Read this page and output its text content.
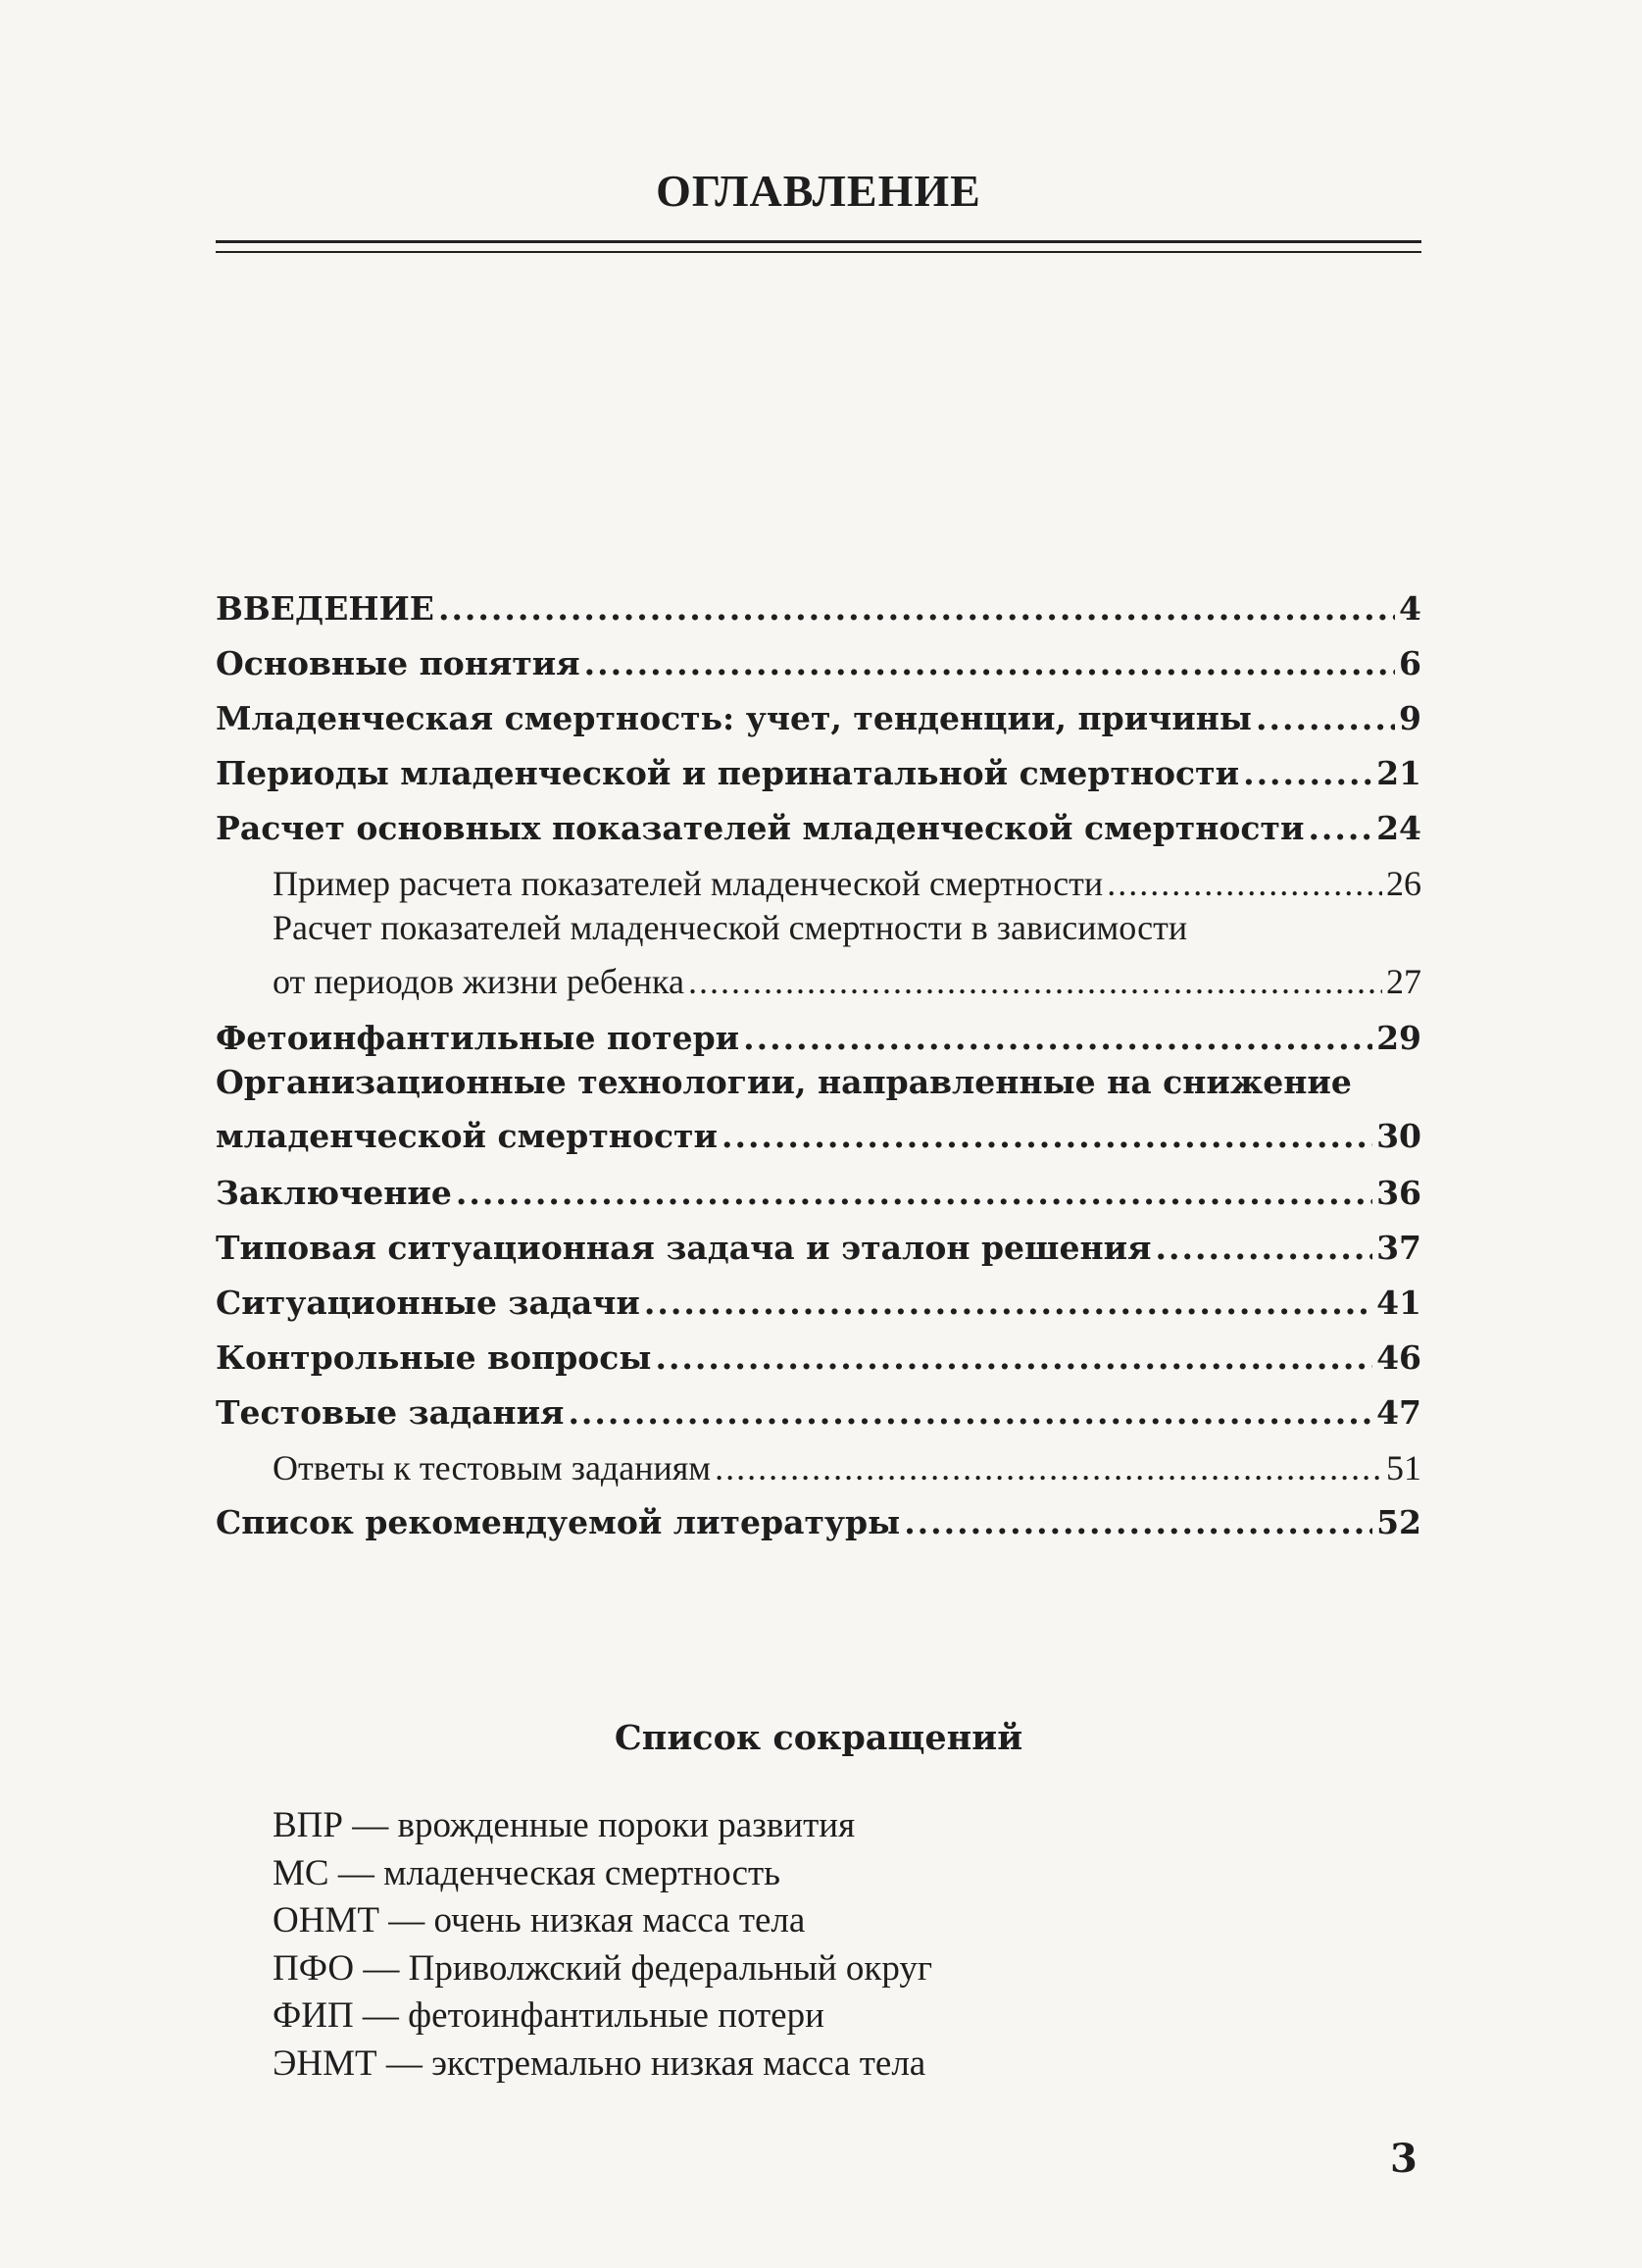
ОГЛАВЛЕНИЕ
ВВЕДЕНИЕ .....	4
Основные понятия .....	6
Младенческая смертность: учет, тенденции, причины .....	9
Периоды младенческой и перинатальной смертности .....	21
Расчет основных показателей младенческой смертности ..... 24
Пример расчета показателей младенческой смертности .....	26
Расчет показателей младенческой смертности в зависимости
от периодов жизни ребенка .....	27
Фетоинфантильные потери .....	29
Организационные технологии, направленные на снижение
младенческой смертности .....	30
Заключение .....	36
Типовая ситуационная задача и эталон решения .....	37
Ситуационные задачи .....	41
Контрольные вопросы .....	46
Тестовые задания .....	47
Ответы к тестовым заданиям .....	51
Список рекомендуемой литературы .....	52
Список сокращений
ВПР — врожденные пороки развития
МС — младенческая смертность
ОНМТ — очень низкая масса тела
ПФО — Приволжский федеральный округ
ФИП — фетоинфантильные потери
ЭНМТ — экстремально низкая масса тела
3
